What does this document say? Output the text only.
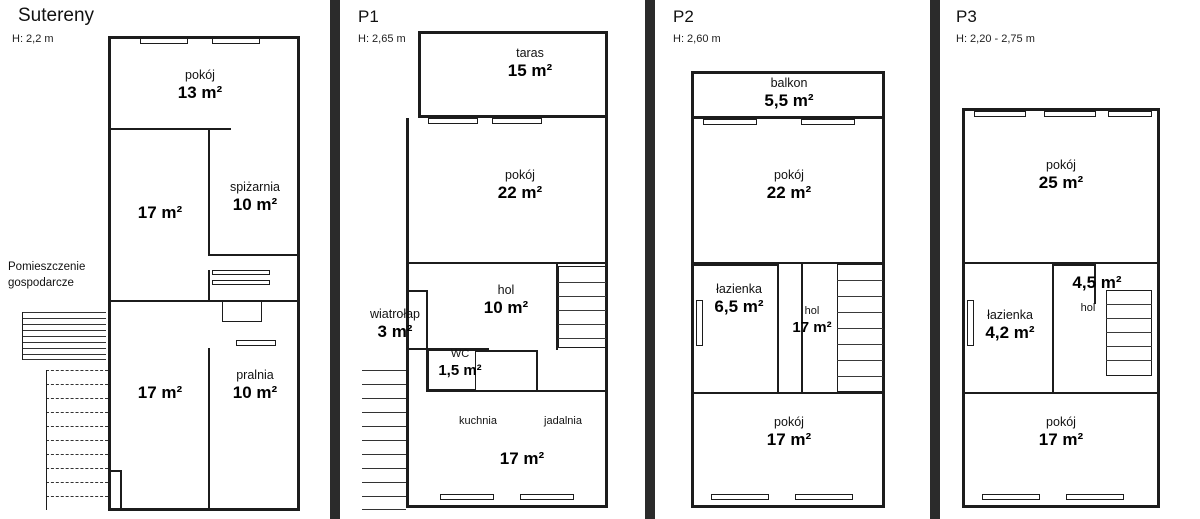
Sutereny
H: 2,2 m
pokój
13 m²
17 m²
spiżarnia
10 m²
17 m²
pralnia
10 m²
Pomieszczenie
gospodarcze
P1
H: 2,65 m
taras
15 m²
pokój
22 m²
hol
10 m²
wiatrołap
3 m²
WC
1,5 m²
kuchnia	jadalnia
17 m²
P2
H: 2,60 m
balkon
5,5 m²
pokój
22 m²
łazienka
6,5 m²	hol
17 m²
pokój
17 m²
P3
H: 2,20 - 2,75 m
pokój
25 m²
łazienka
4,2 m²
4,5 m²
hol
pokój
17 m²
